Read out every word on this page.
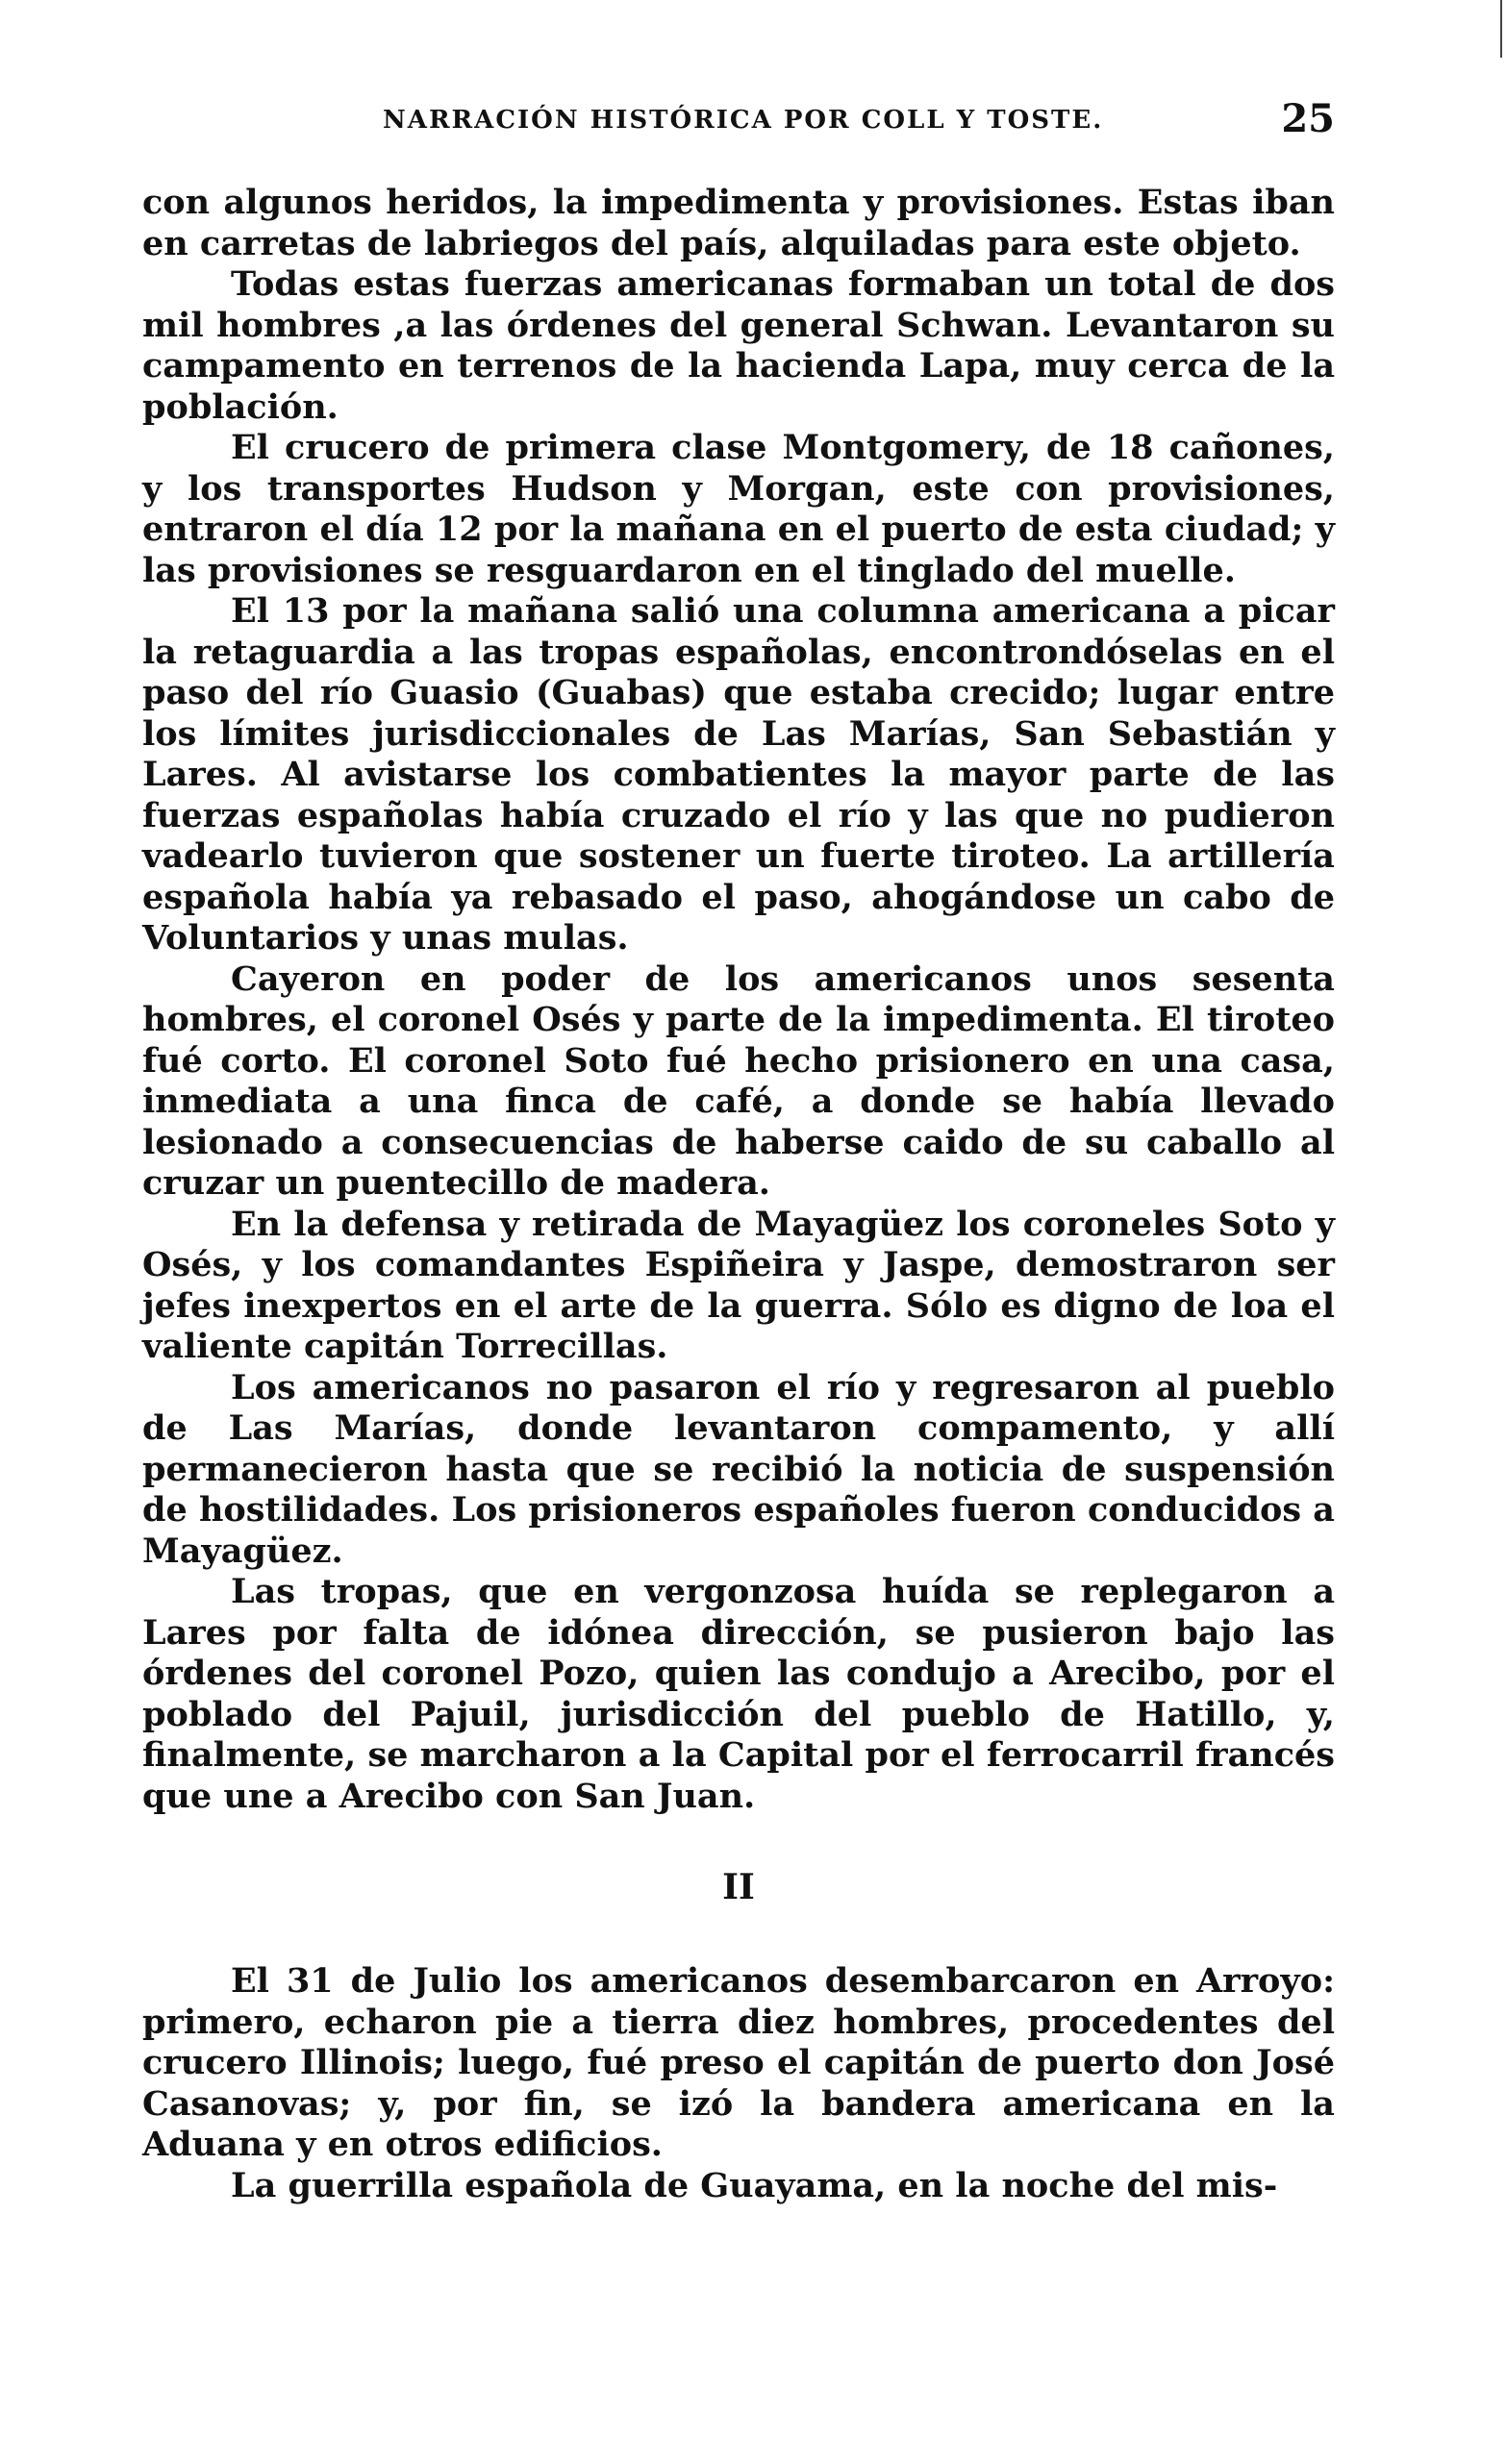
NARRACIÓN HISTÓRICA POR COLL Y TOSTE.	25

con algunos heridos, la impedimenta y provisiones. Estas iban en carretas de labriegos del país, alquiladas para este objeto.

Todas estas fuerzas americanas formaban un total de dos mil hombres ,a las órdenes del general Schwan. Levantaron su campamento en terrenos de la hacienda Lapa, muy cerca de la población.

El crucero de primera clase Montgomery, de 18 cañones, y los transportes Hudson y Morgan, este con provisiones, entraron el día 12 por la mañana en el puerto de esta ciudad; y las provisiones se resguardaron en el tinglado del muelle.

El 13 por la mañana salió una columna americana a picar la retaguardia a las tropas españolas, encontrondóselas en el paso del río Guasio (Guabas) que estaba crecido; lugar entre los límites jurisdiccionales de Las Marías, San Sebastián y Lares. Al avistarse los combatientes la mayor parte de las fuerzas españolas había cruzado el río y las que no pudieron vadearlo tuvieron que sostener un fuerte tiroteo. La artillería española había ya rebasado el paso, ahogándose un cabo de Voluntarios y unas mulas.

Cayeron en poder de los americanos unos sesenta hombres, el coronel Osés y parte de la impedimenta. El tiroteo fué corto. El coronel Soto fué hecho prisionero en una casa, inmediata a una finca de café, a donde se había llevado lesionado a consecuencias de haberse caido de su caballo al cruzar un puentecillo de madera.

En la defensa y retirada de Mayagüez los coroneles Soto y Osés, y los comandantes Espiñeira y Jaspe, demostraron ser jefes inexpertos en el arte de la guerra. Sólo es digno de loa el valiente capitán Torrecillas.

Los americanos no pasaron el río y regresaron al pueblo de Las Marías, donde levantaron compamento, y allí permanecieron hasta que se recibió la noticia de suspensión de hostilidades. Los prisioneros españoles fueron conducidos a Mayagüez.

Las tropas, que en vergonzosa huída se replegaron a Lares por falta de idónea dirección, se pusieron bajo las órdenes del coronel Pozo, quien las condujo a Arecibo, por el poblado del Pajuil, jurisdicción del pueblo de Hatillo, y, finalmente, se marcharon a la Capital por el ferrocarril francés que une a Arecibo con San Juan.

II

El 31 de Julio los americanos desembarcaron en Arroyo: primero, echaron pie a tierra diez hombres, procedentes del crucero Illinois; luego, fué preso el capitán de puerto don José Casanovas; y, por fin, se izó la bandera americana en la Aduana y en otros edificios.

La guerrilla española de Guayama, en la noche del mis-
